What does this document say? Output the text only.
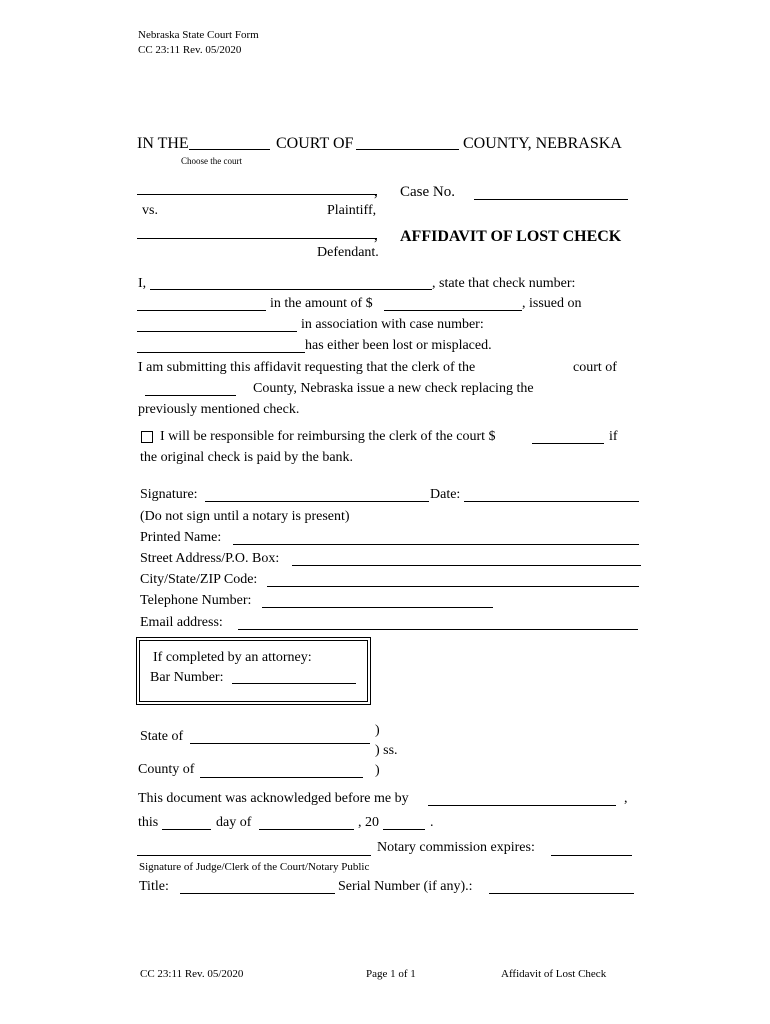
Nebraska State Court Form
CC 23:11 Rev. 05/2020
IN THE	COURT OF	COUNTY, NEBRASKA
Choose the court
, Case No.
vs.	Plaintiff,
, AFFIDAVIT OF LOST CHECK
Defendant.
I,	, state that check number:
in the amount of $	, issued on
in association with case number:
has either been lost or misplaced.
I am submitting this affidavit requesting that the clerk of the	court of
County, Nebraska issue a new check replacing the
previously mentioned check.
I will be responsible for reimbursing the clerk of the court $	if
the original check is paid by the bank.
Signature:	Date:
(Do not sign until a notary is present)
Printed Name:
Street Address/P.O. Box:
City/State/ZIP Code:
Telephone Number:
Email address:
If completed by an attorney:
Bar Number:
)
State of
) ss.
County of	)
This document was acknowledged before me by	,
this	day of	, 20	.
Notary commission expires:
Signature of Judge/Clerk of the Court/Notary Public
Title:	Serial Number (if any).:
CC 23:11 Rev. 05/2020	Page 1 of 1	Affidavit of Lost Check
